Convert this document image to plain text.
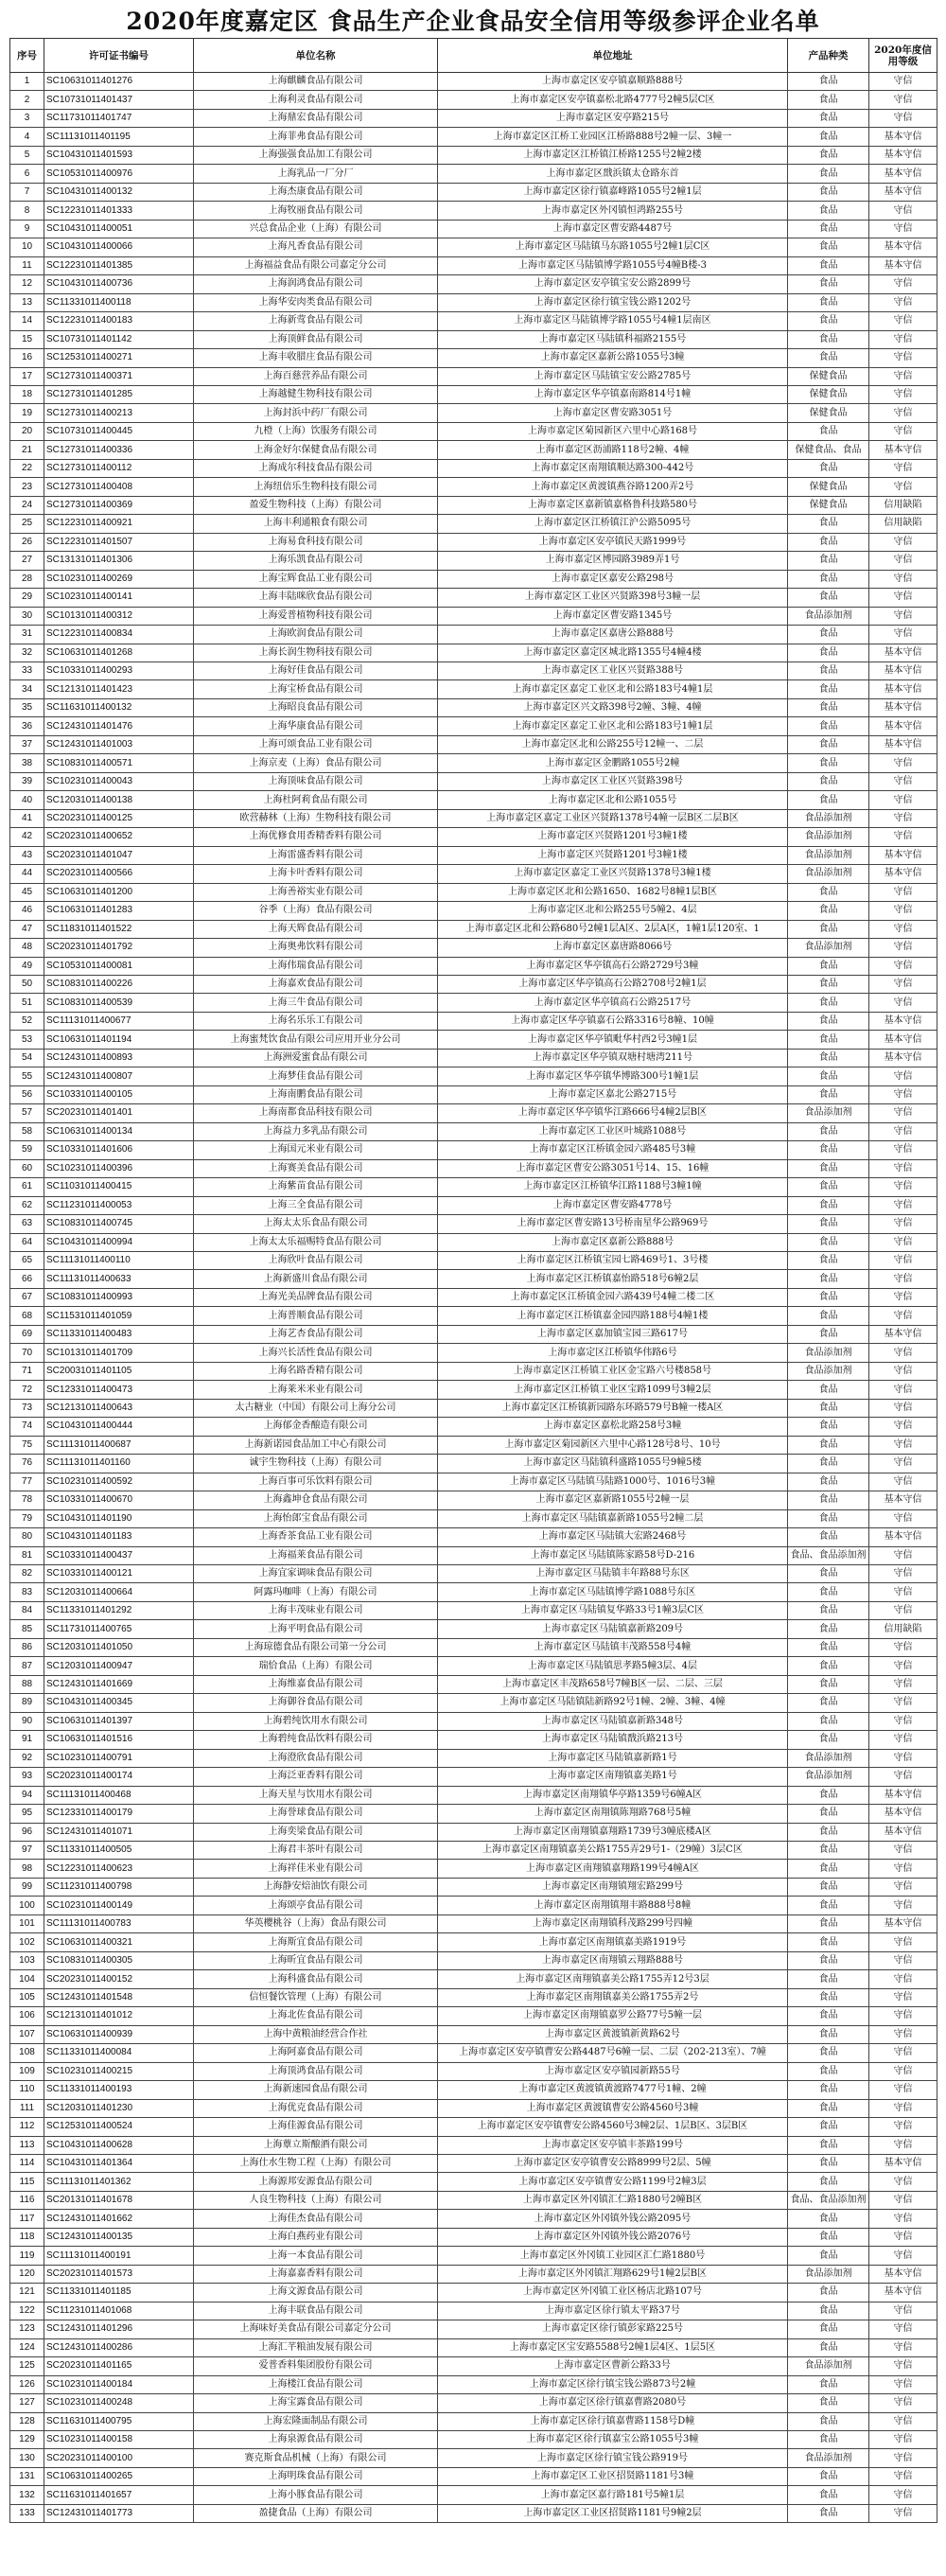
2020年度嘉定区 食品生产企业食品安全信用等级参评企业名单
序号	许可证书编号	单位名称	单位地址	产品种类	2020年度信用等级
1	SC10631011401276	上海麒麟食品有限公司	上海市嘉定区安亭镇嘉顺路888号	食品	守信
2	SC10731011401437	上海利灵食品有限公司	上海市嘉定区安亭镇嘉松北路4777号2幢5层C区	食品	守信
3	SC11731011401747	上海鼎宏食品有限公司	上海市嘉定区安亭路215号	食品	守信
4	SC11131011401195	上海菲弗食品有限公司	上海市嘉定区江桥工业园区江桥路888号2幢一层、3幢一	食品	基本守信
5	SC10431011401593	上海强强食品加工有限公司	上海市嘉定区江桥镇江桥路1255号2幢2楼	食品	基本守信
6	SC10531011400976	上海乳品一厂分厂	上海市嘉定区戬浜镇太仓路东首	食品	基本守信
7	SC10431011400132	上海杰康食品有限公司	上海市嘉定区徐行镇嘉峰路1055号2幢1层	食品	基本守信
8	SC12231011401333	上海牧丽食品有限公司	上海市嘉定区外冈镇恒鸿路255号	食品	守信
9	SC10431011400051	兴总食品企业（上海）有限公司	上海市嘉定区曹安路4487号	食品	守信
10	SC10431011400066	上海凡香食品有限公司	上海市嘉定区马陆镇马东路1055号2幢1层C区	食品	基本守信
11	SC12231011401385	上海福益食品有限公司嘉定分公司	上海市嘉定区马陆镇博学路1055号4幢B楼-3	食品	基本守信
12	SC10431011400736	上海润鸿食品有限公司	上海市嘉定区安亭镇宝安公路2899号	食品	守信
13	SC11331011400118	上海华安肉类食品有限公司	上海市嘉定区徐行镇宝钱公路1202号	食品	守信
14	SC12231011400183	上海新莺食品有限公司	上海市嘉定区马陆镇博学路1055号4幢1层南区	食品	守信
15	SC10731011401142	上海顶鲜食品有限公司	上海市嘉定区马陆镇科福路2155号	食品	守信
16	SC12531011400271	上海丰收腊庄食品有限公司	上海市嘉定区嘉新公路1055号3幢	食品	守信
17	SC12731011400371	上海百慈营养品有限公司	上海市嘉定区马陆镇宝安公路2785号	保健食品	守信
18	SC12731011401285	上海越健生物科技有限公司	上海市嘉定区华亭镇嘉南路814号1幢	保健食品	守信
19	SC12731011400213	上海封浜中药厂有限公司	上海市嘉定区曹安路3051号	保健食品	守信
20	SC10731011400445	九橙（上海）饮服务有限公司	上海市嘉定区菊园新区六里中心路168号	食品	守信
21	SC12731011400336	上海金好尔保健食品有限公司	上海市嘉定区沥浦路118号2幢、4幢	保健食品、食品	基本守信
22	SC12731011400112	上海成尔科技食品有限公司	上海市嘉定区南翔镇顺达路300-442号	食品	守信
23	SC12731011400408	上海纽倍乐生物科技有限公司	上海市嘉定区黄渡镇燕谷路1200弄2号	保健食品	守信
24	SC12731011400369	盈爱生物科技（上海）有限公司	上海市嘉定区嘉新镇嘉格鲁科技路580号	保健食品	信用缺陷
25	SC12231011400921	上海丰利通粮食有限公司	上海市嘉定区江桥镇江沪公路5095号	食品	信用缺陷
26	SC12231011401507	上海易食科技有限公司	上海市嘉定区安亭镇民天路1999号	食品	守信
27	SC13131011401306	上海乐凯食品有限公司	上海市嘉定区博园路3989弄1号	食品	守信
28	SC10231011400269	上海宝辉食品工业有限公司	上海市嘉定区嘉安公路298号	食品	守信
29	SC10231011400141	上海丰陆咪欣食品有限公司	上海市嘉定区工业区兴贤路398号3幢一层	食品	守信
30	SC10131011400312	上海爱普植物科技有限公司	上海市嘉定区曹安路1345号	食品添加剂	守信
31	SC12231011400834	上海欧润食品有限公司	上海市嘉定区嘉唐公路888号	食品	守信
32	SC10631011401268	上海长润生物科技有限公司	上海市嘉定区嘉定区城北路1355号4幢4楼	食品	基本守信
33	SC10331011400293	上海好佳食品有限公司	上海市嘉定区工业区兴贤路388号	食品	基本守信
34	SC12131011401423	上海宝桥食品有限公司	上海市嘉定区嘉定工业区北和公路183号4幢1层	食品	基本守信
35	SC11631011400132	上海昭良食品有限公司	上海市嘉定区兴文路398号2幢、3幢、4幢	食品	基本守信
36	SC12431011401476	上海华康食品有限公司	上海市嘉定区嘉定工业区北和公路183号1幢1层	食品	基本守信
37	SC12431011401003	上海可颂食品工业有限公司	上海市嘉定区北和公路255号12幢一、二层	食品	基本守信
38	SC10831011400571	上海京麦（上海）食品有限公司	上海市嘉定区金鹏路1055号2幢	食品	守信
39	SC10231011400043	上海顶味食品有限公司	上海市嘉定区工业区兴贤路398号	食品	守信
40	SC12031011400138	上海杜阿莉食品有限公司	上海市嘉定区北和公路1055号	食品	守信
41	SC20231011400125	欧营赫林（上海）生物科技有限公司	上海市嘉定区嘉定工业区兴贤路1378号4幢一层B区二层B区	食品添加剂	守信
42	SC20231011400652	上海优修食用香精香料有限公司	上海市嘉定区兴贤路1201号3幢1楼	食品添加剂	守信
43	SC20231011401047	上海雷盛香料有限公司	上海市嘉定区兴贤路1201号3幢1楼	食品添加剂	基本守信
44	SC20231011400566	上海卡叶香料有限公司	上海市嘉定区嘉定工业区兴贤路1378号3幢1楼	食品添加剂	基本守信
45	SC10631011401200	上海善裕实业有限公司	上海市嘉定区北和公路1650、1682号8幢1层B区	食品	守信
46	SC10631011401283	谷季（上海）食品有限公司	上海市嘉定区北和公路255号5幢2、4层	食品	守信
47	SC11831011401522	上海天辉食品有限公司	上海市嘉定区北和公路680号2幢1层A区、2层A区，1幢1层120室、1	食品	守信
48	SC20231011401792	上海奥弗饮料有限公司	上海市嘉定区嘉唐路8066号	食品添加剂	守信
49	SC10531011400081	上海伟瑞食品有限公司	上海市嘉定区华亭镇高石公路2729号3幢	食品	守信
50	SC10831011400226	上海嘉欢食品有限公司	上海市嘉定区华亭镇高石公路2708号2幢1层	食品	守信
51	SC10831011400539	上海三牛食品有限公司	上海市嘉定区华亭镇高石公路2517号	食品	守信
52	SC11131011400677	上海名乐乐工有限公司	上海市嘉定区华亭镇嘉石公路3316号8幢、10幢	食品	基本守信
53	SC10631011401194	上海蜜梵饮食品有限公司应用开业分公司	上海市嘉定区华亭镇毗华村西2号3幢1层	食品	基本守信
54	SC12431011400893	上海洲爱蜜食品有限公司	上海市嘉定区华亭镇双塘村塘湾211号	食品	基本守信
55	SC12431011400807	上海梦佳食品有限公司	上海市嘉定区华亭镇华博路300号1幢1层	食品	守信
56	SC10331011400105	上海南鹏食品有限公司	上海市嘉定区嘉北公路2715号	食品	守信
57	SC20231011401401	上海南都食品科技有限公司	上海市嘉定区华亭镇华江路666号4幢2层B区	食品添加剂	守信
58	SC10631011400134	上海益力多乳品有限公司	上海市嘉定区工业区叶城路1088号	食品	守信
59	SC10331011401606	上海国元米业有限公司	上海市嘉定区江桥镇金园六路485号3幢	食品	守信
60	SC10231011400396	上海赛美食品有限公司	上海市嘉定区曹安公路3051号14、15、16幢	食品	守信
61	SC11031011400415	上海紫苗食品有限公司	上海市嘉定区江桥镇华江路1188号3幢1幢	食品	守信
62	SC11231011400053	上海三全食品有限公司	上海市嘉定区曹安路4778号	食品	守信
63	SC10831011400745	上海太太乐食品有限公司	上海市嘉定区曹安路13号桥南星华公路969号	食品	守信
64	SC10431011400994	上海太太乐福赐特食品有限公司	上海市嘉定区嘉新公路888号	食品	守信
65	SC11131011400110	上海欣叶食品有限公司	上海市嘉定区江桥镇宝园七路469号1、3号楼	食品	守信
66	SC11131011400633	上海新盛川食品有限公司	上海市嘉定区江桥镇嘉怡路518号6幢2层	食品	守信
67	SC10831011400993	上海光美品牌食品有限公司	上海市嘉定区江桥镇金园六路439号4幢二楼二区	食品	守信
68	SC11531011401059	上海普顺食品有限公司	上海市嘉定区江桥镇嘉金园四路188号4幢1楼	食品	守信
69	SC11331011400483	上海艺杏食品有限公司	上海市嘉定区嘉加镇宝园三路617号	食品	基本守信
70	SC10131011401709	上海兴长活性食品有限公司	上海市嘉定区江桥镇华伟路6号	食品添加剂	守信
71	SC20031011401105	上海名路香精有限公司	上海市嘉定区江桥镇工业区金宝路六号楼858号	食品添加剂	守信
72	SC12331011400473	上海莱米米业有限公司	上海市嘉定区江桥镇工业区宝路1099号3幢2层	食品	守信
73	SC12131011400643	太古糖业（中国）有限公司上海分公司	上海市嘉定区江桥镇新园路东环路579号B幢一楼A区	食品	守信
74	SC10431011400444	上海郁金香酿造有限公司	上海市嘉定区嘉松北路258号3幢	食品	守信
75	SC11131011400687	上海新诺园食品加工中心有限公司	上海市嘉定区菊园新区六里中心路128号8号、10号	食品	守信
76	SC11131011401160	诚宇生物科技（上海）有限公司	上海市嘉定区马陆镇科盛路1055号9幢5楼	食品	守信
77	SC10231011400592	上海百事可乐饮料有限公司	上海市嘉定区马陆镇马陆路1000号、1016号3幢	食品	守信
78	SC10331011400670	上海鑫坤仓食品有限公司	上海市嘉定区嘉新路1055号2幢一层	食品	基本守信
79	SC10431011401190	上海怡郎宝食品有限公司	上海市嘉定区马陆镇嘉新路1055号2幢二层	食品	守信
80	SC10431011401183	上海香茶食品工业有限公司	上海市嘉定区马陆镇大宏路2468号	食品	基本守信
81	SC10331011400437	上海福莱食品有限公司	上海市嘉定区马陆镇陈家路58号D-216	食品、食品添加剂	守信
82	SC10331011400121	上海宜家调味食品有限公司	上海市嘉定区马陆镇丰年路88号东区	食品	守信
83	SC12031011400664	阿露玛咖啡（上海）有限公司	上海市嘉定区马陆镇博学路1088号东区	食品	守信
84	SC11331011401292	上海丰茂味业有限公司	上海市嘉定区马陆镇复华路33号1幢3层C区	食品	守信
85	SC11731011400765	上海平明食品有限公司	上海市嘉定区马陆镇嘉新路209号	食品	信用缺陷
86	SC12031011401050	上海琼德食品有限公司第一分公司	上海市嘉定区马陆镇丰茂路558号4幢	食品	守信
87	SC12031011400947	瑞恰食品（上海）有限公司	上海市嘉定区马陆镇思孝路5幢3层、4层	食品	守信
88	SC12431011401669	上海维嘉食品有限公司	上海市嘉定区丰茂路658号7幢B区一层、二层、三层	食品	守信
89	SC10431011400345	上海御谷食品有限公司	上海市嘉定区马陆镇陆新路92号1幢、2幢、3幢、4幢	食品	守信
90	SC10631011401397	上海碧纯饮用水有限公司	上海市嘉定区马陆镇嘉新路348号	食品	守信
91	SC10631011401516	上海碧纯食品饮料有限公司	上海市嘉定区马陆镇戬浜路213号	食品	守信
92	SC10231011400791	上海澄欣食品有限公司	上海市嘉定区马陆镇嘉新路1号	食品添加剂	守信
93	SC20231011400174	上海泛亚香料有限公司	上海市嘉定区南翔镇嘉美路1号	食品添加剂	守信
94	SC11131011400468	上海天星与饮用水有限公司	上海市嘉定区南翔镇华亭路1359号6幢A区	食品	基本守信
95	SC12331011400179	上海誉球食品有限公司	上海市嘉定区南翔镇陈翔路768号5幢	食品	基本守信
96	SC12431011401071	上海奕梁食品有限公司	上海市嘉定区南翔镇嘉翔路1739号3幢底楼A区	食品	基本守信
97	SC11331011400505	上海君丰茶叶有限公司	上海市嘉定区南翔镇嘉美公路1755弄29号1-（29幢）3层C区	食品	守信
98	SC12231011400623	上海祥佳米业有限公司	上海市嘉定区南翔镇嘉翔路199号4幢A区	食品	守信
99	SC11231011400798	上海静安焙油饮有限公司	上海市嘉定区南翔镇翔宏路299号	食品	守信
100	SC10231011400149	上海颂亭食品有限公司	上海市嘉定区南翔镇翔丰路888号8幢	食品	守信
101	SC11131011400783	华英樱桃谷（上海）食品有限公司	上海市嘉定区南翔镇科茂路299号四幢	食品	基本守信
102	SC10631011400321	上海斯宜食品有限公司	上海市嘉定区南翔镇嘉美路1919号	食品	守信
103	SC10831011400305	上海昕宜食品有限公司	上海市嘉定区南翔镇云翔路888号	食品	守信
104	SC20231011400152	上海科盛食品有限公司	上海市嘉定区南翔镇嘉美公路1755弄12号3层	食品	守信
105	SC12431011401548	信恒餐饮管理（上海）有限公司	上海市嘉定区南翔镇嘉美公路1755弄2号	食品	守信
106	SC12131011401012	上海北佐食品有限公司	上海市嘉定区南翔镇嘉罗公路77号5幢一层	食品	守信
107	SC10631011400939	上海中黄粮油经营合作社	上海市嘉定区黄渡镇新黄路62号	食品	守信
108	SC11331011400084	上海阿嘉食品有限公司	上海市嘉定区安亭镇曹安公路4487号6幢一层、二层（202-213室）、7幢	食品	守信
109	SC10231011400215	上海顶鸿食品有限公司	上海市嘉定区安亭镇园新路55号	食品	守信
110	SC11331011400193	上海新速园食品有限公司	上海市嘉定区黄渡镇黄渡路7477号1幢、2幢	食品	守信
111	SC12031011401230	上海优克食品有限公司	上海市嘉定区黄渡镇曹安公路4560号3幢	食品	守信
112	SC12531011400524	上海佳源食品有限公司	上海市嘉定区安亭镇曹安公路4560号3幢2层、1层B区、3层B区	食品	守信
113	SC10431011400628	上海蕈立斯酿酒有限公司	上海市嘉定区安亭镇丰茶路199号	食品	守信
114	SC10431011401364	上海仕水生物工程（上海）有限公司	上海市嘉定区安亭镇曹安公路8999号2层、5幢	食品	基本守信
115	SC11131011401362	上海源邦安源食品有限公司	上海市嘉定区安亭镇曹安公路1199号2幢3层	食品	守信
116	SC20131011401678	人良生物科技（上海）有限公司	上海市嘉定区外冈镇汇仁路1880号2幢B区	食品、食品添加剂	守信
117	SC12431011401662	上海佳杰食品有限公司	上海市嘉定区外冈镇外钱公路2095号	食品	守信
118	SC12431011400135	上海白燕药业有限公司	上海市嘉定区外冈镇外钱公路2076号	食品	守信
119	SC11131011400191	上海一本食品有限公司	上海市嘉定区外冈镇工业园区汇仁路1880号	食品	守信
120	SC20231011401573	上海嘉嘉香料有限公司	上海市嘉定区外冈镇汇翔路629号1幢2层B区	食品添加剂	基本守信
121	SC11331011401185	上海文源食品有限公司	上海市嘉定区外冈镇工业区杨店北路107号	食品	基本守信
122	SC11231011401068	上海丰联食品有限公司	上海市嘉定区徐行镇太平路37号	食品	守信
123	SC12431011401296	上海味好美食品有限公司嘉定分公司	上海市嘉定区徐行镇彭家路225号	食品	守信
124	SC12431011400286	上海汇芊粮油发展有限公司	上海市嘉定区宝安路5588号2幢1层4区、1层5区	食品	守信
125	SC20231011401165	爱普香料集团股份有限公司	上海市嘉定区曹新公路33号	食品添加剂	守信
126	SC10231011400184	上海楼江食品有限公司	上海市嘉定区徐行镇宝钱公路873号2幢	食品	守信
127	SC10231011400248	上海宝露食品有限公司	上海市嘉定区徐行镇嘉曹路2080号	食品	守信
128	SC11631011400795	上海宏隆面制品有限公司	上海市嘉定区徐行镇嘉曹路1158号D幢	食品	守信
129	SC10231011400158	上海泉源食品有限公司	上海市嘉定区徐行镇嘉宝公路1055号3幢	食品	守信
130	SC20231011400100	赛克斯食品机械（上海）有限公司	上海市嘉定区徐行镇宝钱公路919号	食品添加剂	守信
131	SC10631011400265	上海明珠食品有限公司	上海市嘉定区工业区招贤路1181号3幢	食品	守信
132	SC11631011401657	上海小豚食品有限公司	上海市嘉定区嘉行路181号5幢1层	食品	守信
133	SC12431011401773	盈捷食品（上海）有限公司	上海市嘉定区工业区招贤路1181号9幢2层	食品	守信
